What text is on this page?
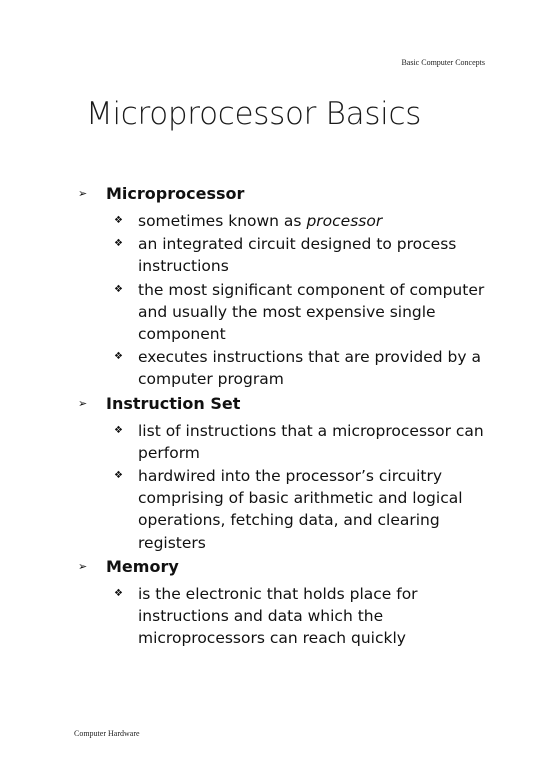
Basic Computer Concepts
Microprocessor Basics
➢ Microprocessor
❖ sometimes known as processor
❖ an integrated circuit designed to process instructions
❖ the most significant component of computer and usually the most expensive single component
❖ executes instructions that are provided by a computer program
➢ Instruction Set
❖ list of instructions that a microprocessor can perform
❖ hardwired into the processor’s circuitry comprising of basic arithmetic and logical operations, fetching data, and clearing registers
➢ Memory
❖ is the electronic that holds place for instructions and data which the microprocessors can reach quickly
Computer Hardware
